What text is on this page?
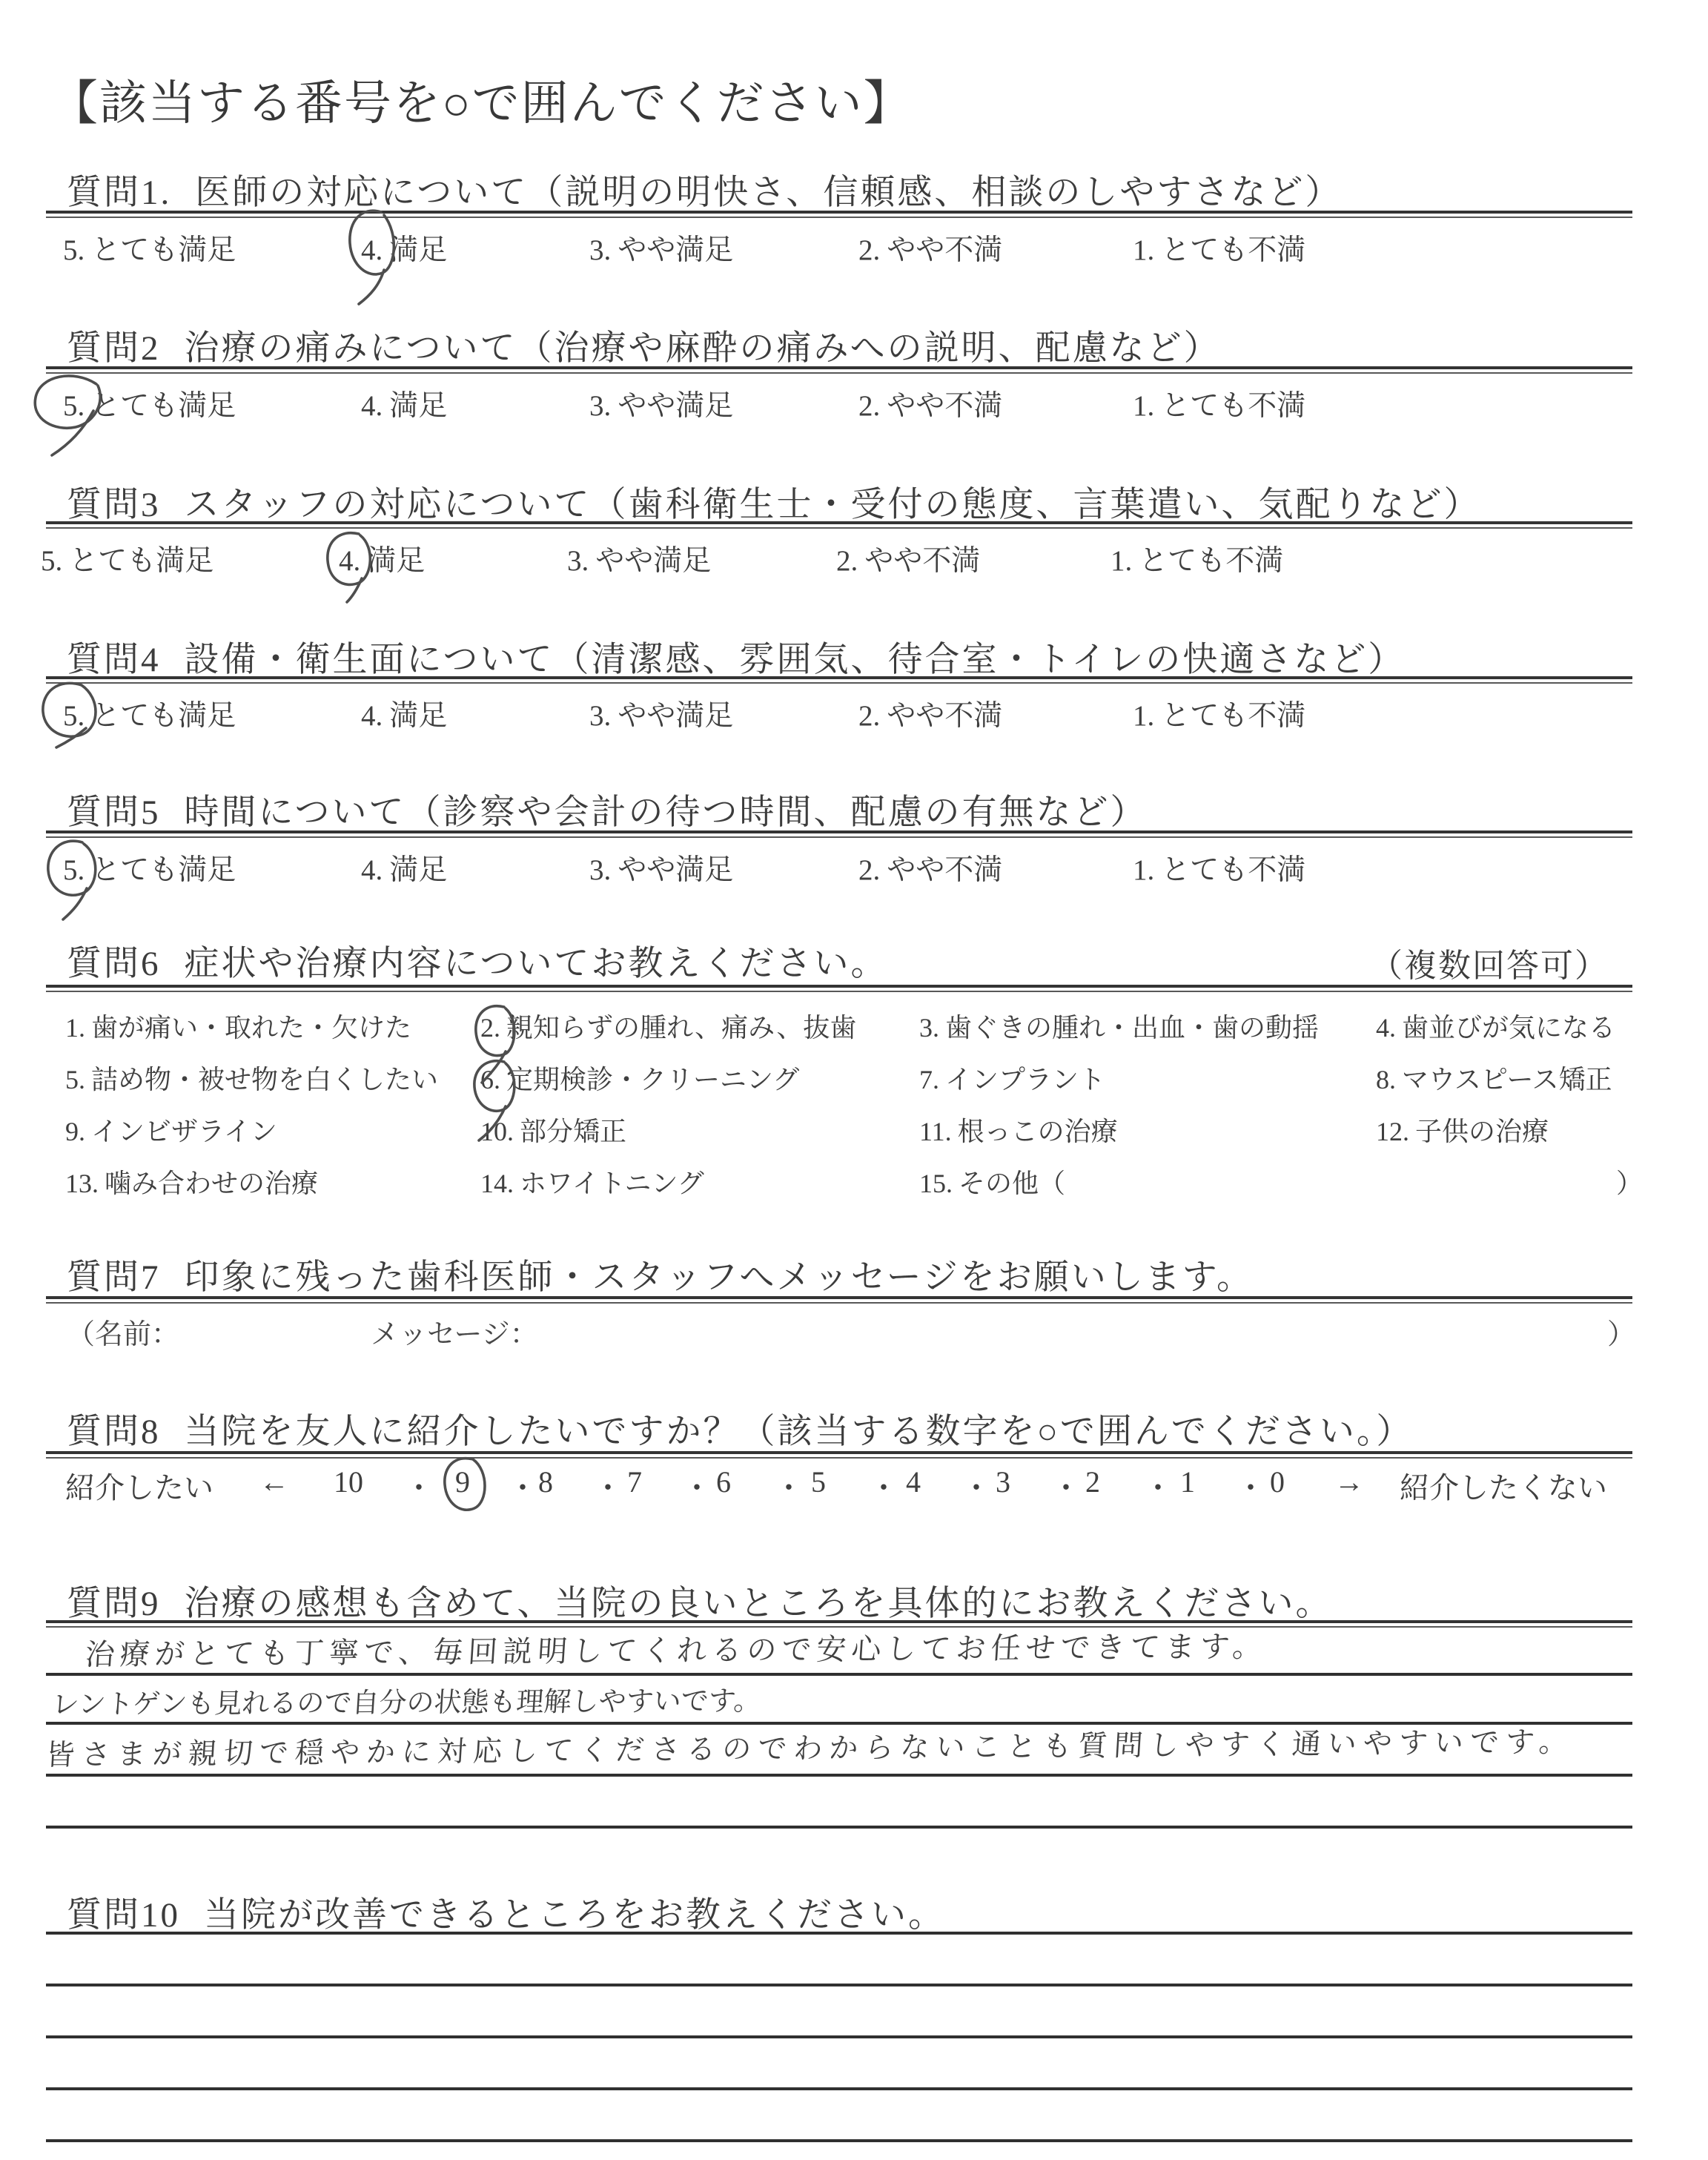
【該当する番号を○で囲んでください】
質問1. 医師の対応について（説明の明快さ、信頼感、相談のしやすさなど）
5. とても満足	4. 満足	3. やや満足	2. やや不満	1. とても不満
質問2 治療の痛みについて（治療や麻酔の痛みへの説明、配慮など）
5. とても満足	4. 満足	3. やや満足	2. やや不満	1. とても不満
質問3 スタッフの対応について（歯科衛生士・受付の態度、言葉遣い、気配りなど）
5. とても満足	4. 満足	3. やや満足	2. やや不満	1. とても不満
質問4 設備・衛生面について（清潔感、雰囲気、待合室・トイレの快適さなど）
5. とても満足	4. 満足	3. やや満足	2. やや不満	1. とても不満
質問5 時間について（診察や会計の待つ時間、配慮の有無など）
5. とても満足	4. 満足	3. やや満足	2. やや不満	1. とても不満
質問6 症状や治療内容についてお教えください。	（複数回答可）
1. 歯が痛い・取れた・欠けた	2. 親知らずの腫れ、痛み、抜歯 3. 歯ぐきの腫れ・出血・歯の動揺 4. 歯並びが気になる
5. 詰め物・被せ物を白くしたい 6. 定期検診・クリーニング	7. インプラント	8. マウスピース矯正
9. インビザライン	10. 部分矯正	11. 根っこの治療	12. 子供の治療
13. 噛み合わせの治療	14. ホワイトニング	15. その他（	）
質問7 印象に残った歯科医師・スタッフへメッセージをお願いします。
（名前：	メッセージ：	）
質問8 当院を友人に紹介したいですか？（該当する数字を○で囲んでください。）
紹介したい ← 10 ・ 9 ・ 8 ・ 7 ・ 6 ・ 5 ・ 4 ・ 3 ・ 2 ・ 1 ・ 0 → 紹介したくない
質問9 治療の感想も含めて、当院の良いところを具体的にお教えください。
治療がとても丁寧で、毎回説明してくれるので安心してお任せできてます。
レントゲンも見れるので自分の状態も理解しやすいです。
皆さまが親切で穏やかに対応してくださるのでわからないことも質問しやすく通いやすいです。
質問10 当院が改善できるところをお教えください。
